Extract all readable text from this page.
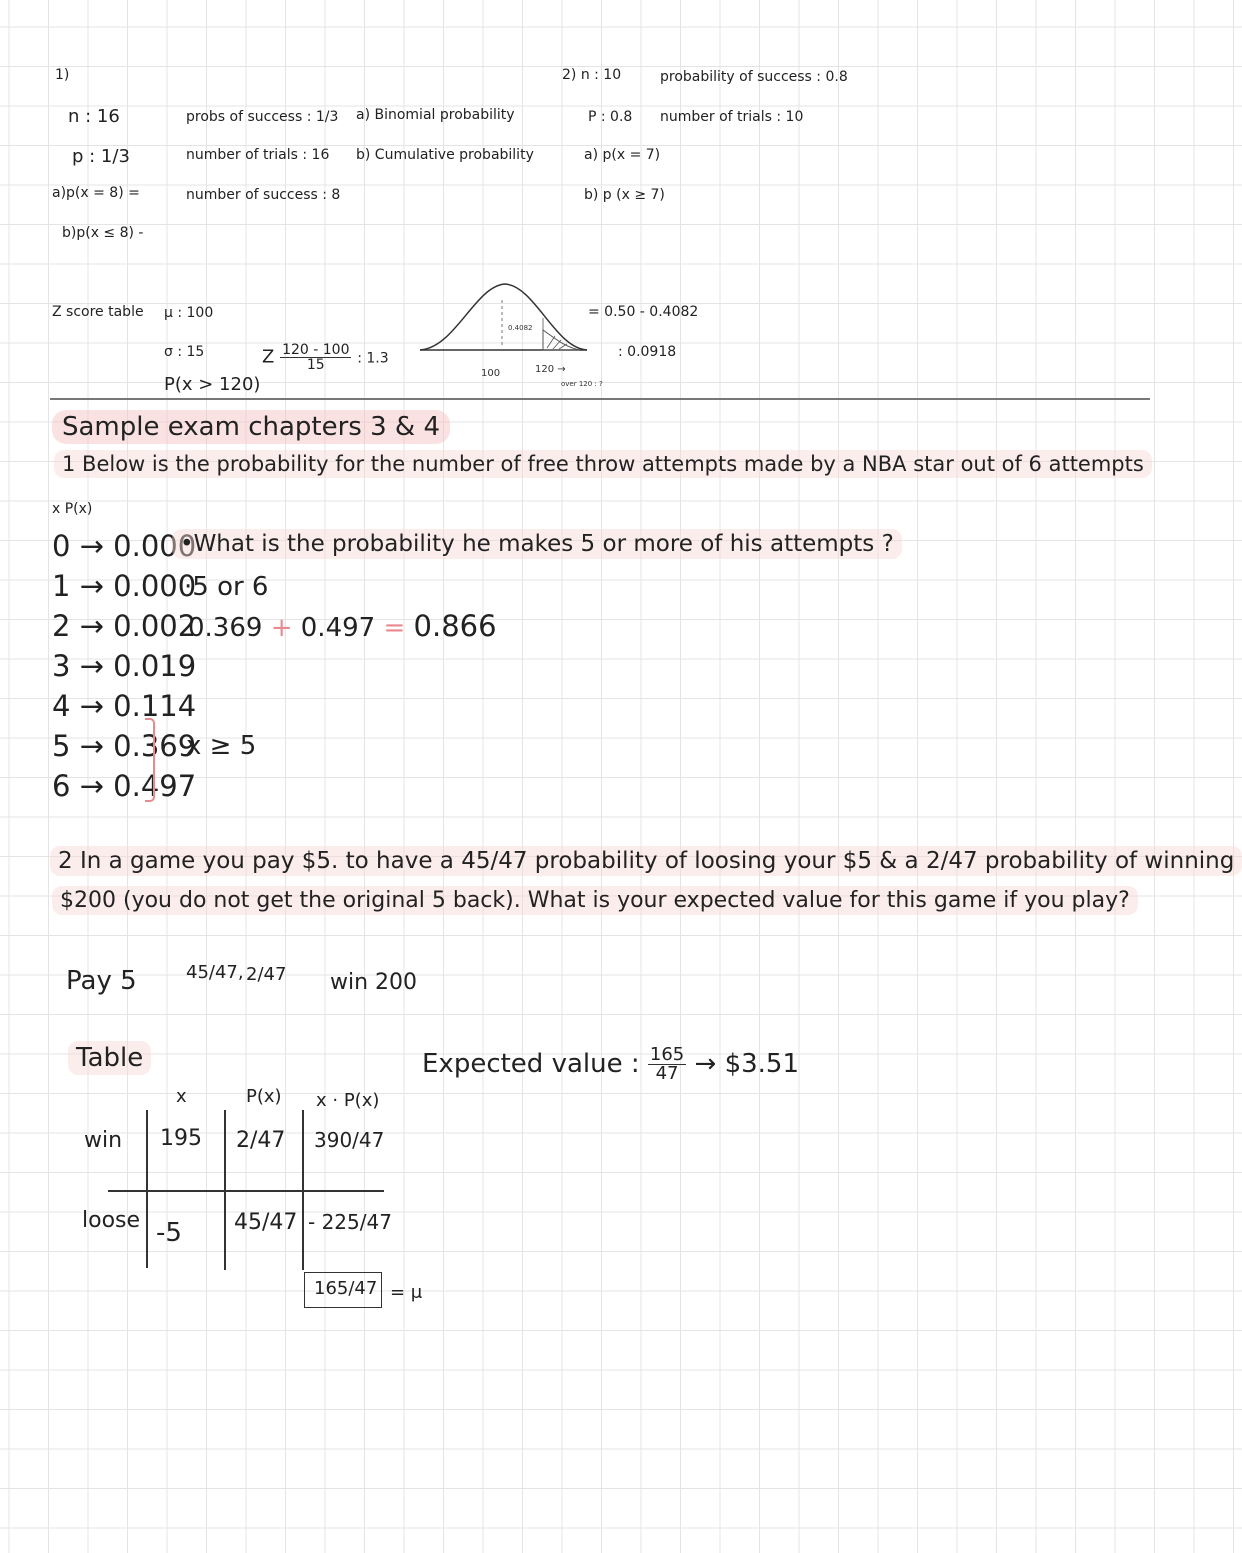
1)
n : 16
p : 1/3
a)p(x = 8) =
b)p(x ≤ 8) -
probs of success : 1/3
number of trials : 16
number of success : 8
a) Binomial probability
b) Cumulative probability
2) n : 10	probability of success : 0.8
P : 0.8 number of trials : 10
a) p(x = 7)
b) p (x ≥ 7)
Z score table μ : 100
σ : 15
P(x > 120)
Z $\frac{120 - 100}{15}$ : 1.3
0.4082
100	120 →
over 120 : ?
= 0.50 - 0.4082
: 0.0918
Sample exam chapters 3 & 4
1 Below is the probability for the number of free throw attempts made by a NBA star out of 6 attempts
x P(x)
0 → 0.000
1 → 0.000
2 → 0.002
3 → 0.019
4 → 0.114
5 → 0.369
6 → 0.497
•What is the probability he makes 5 or more of his attempts ?
·5 or 6
0.369 + 0.497 = 0.866
x ≥ 5
2 In a game you pay $5. to have a 45/47 probability of loosing your $5 & a 2/47 probability of winning
$200 (you do not get the original 5 back). What is your expected value for this game if you play?
Pay 5	45/47, 2/47 win 200
Table	Expected value : $\frac{165}{47}$ → $3.51
x	P(x) x · P(x)
win 195 2/47 390/47
loose -5 45/47 - 225/47
165/47 = μ
